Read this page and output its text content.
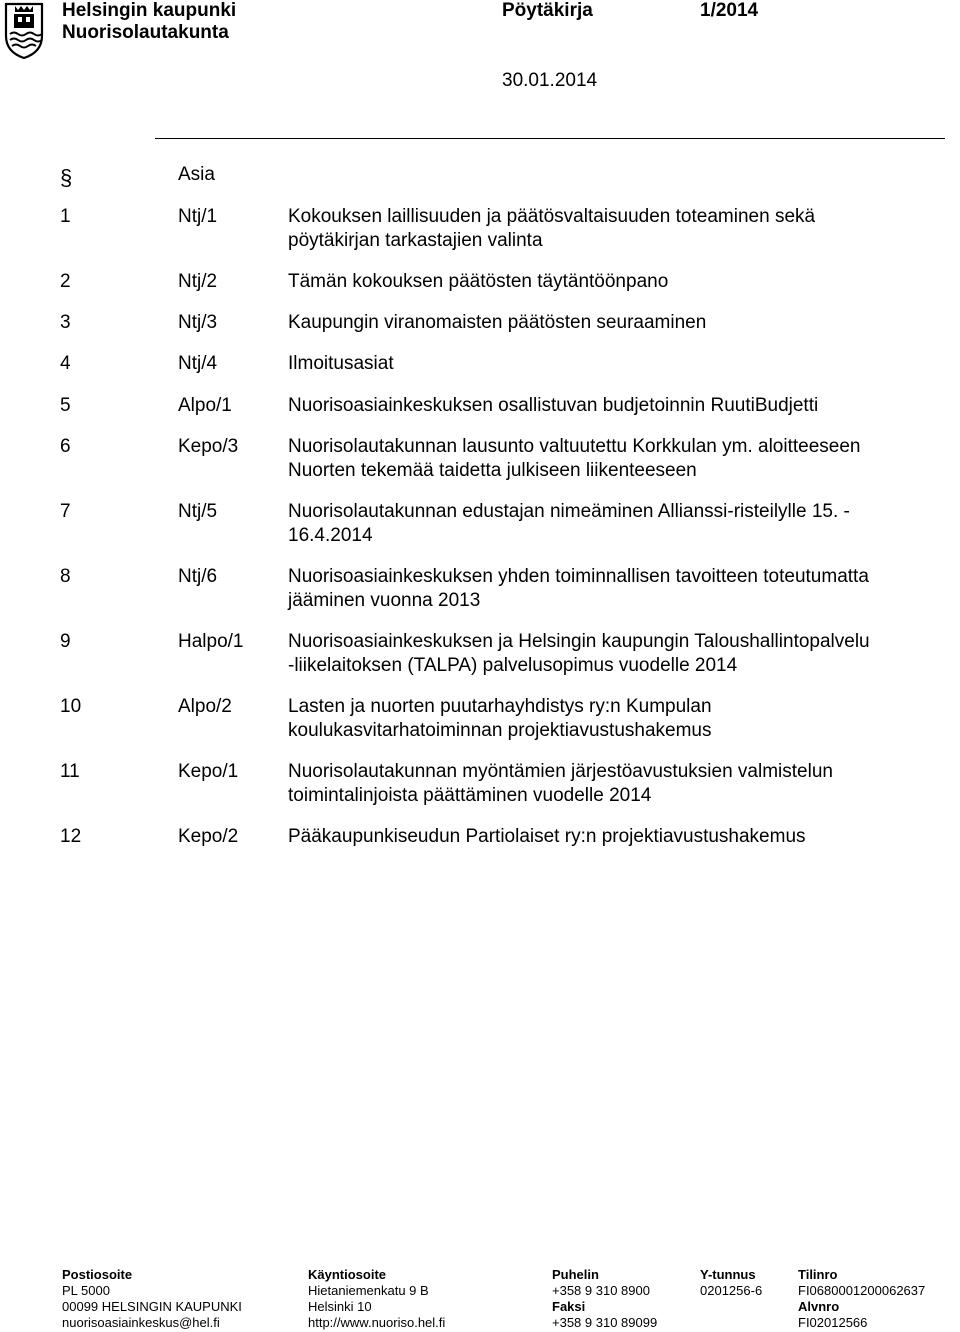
Helsingin kaupunki
Nuorisolautakunta
Pöytäkirja	1/2014
30.01.2014
§	Asia
1	Ntj/1	Kokouksen laillisuuden ja päätösvaltaisuuden toteaminen sekä
pöytäkirjan tarkastajien valinta
2	Ntj/2	Tämän kokouksen päätösten täytäntöönpano
3	Ntj/3	Kaupungin viranomaisten päätösten seuraaminen
4	Ntj/4	Ilmoitusasiat
5	Alpo/1	Nuorisoasiainkeskuksen osallistuvan budjetoinnin RuutiBudjetti
6	Kepo/3	Nuorisolautakunnan lausunto valtuutettu Korkkulan ym. aloitteeseen
Nuorten tekemää taidetta julkiseen liikenteeseen
7	Ntj/5	Nuorisolautakunnan edustajan nimeäminen Allianssi-risteilylle 15. -
16.4.2014
8	Ntj/6	Nuorisoasiainkeskuksen yhden toiminnallisen tavoitteen toteutumatta
jääminen vuonna 2013
9	Halpo/1 Nuorisoasiainkeskuksen ja Helsingin kaupungin Taloushallintopalvelu
-liikelaitoksen (TALPA) palvelusopimus vuodelle 2014
10	Alpo/2	Lasten ja nuorten puutarhayhdistys ry:n Kumpulan
koulukasvitarhatoiminnan projektiavustushakemus
11	Kepo/1	Nuorisolautakunnan myöntämien järjestöavustuksien valmistelun
toimintalinjoista päättäminen vuodelle 2014
12	Kepo/2	Pääkaupunkiseudun Partiolaiset ry:n projektiavustushakemus
Postiosoite
PL 5000
00099 HELSINGIN KAUPUNKI
nuorisoasiainkeskus@hel.fi
Käyntiosoite
Hietaniemenkatu 9 B
Helsinki 10
http://www.nuoriso.hel.fi
Puhelin
+358 9 310 8900
Faksi
+358 9 310 89099
Y-tunnus
0201256-6
Tilinro
FI0680001200062637
Alvnro
FI02012566
